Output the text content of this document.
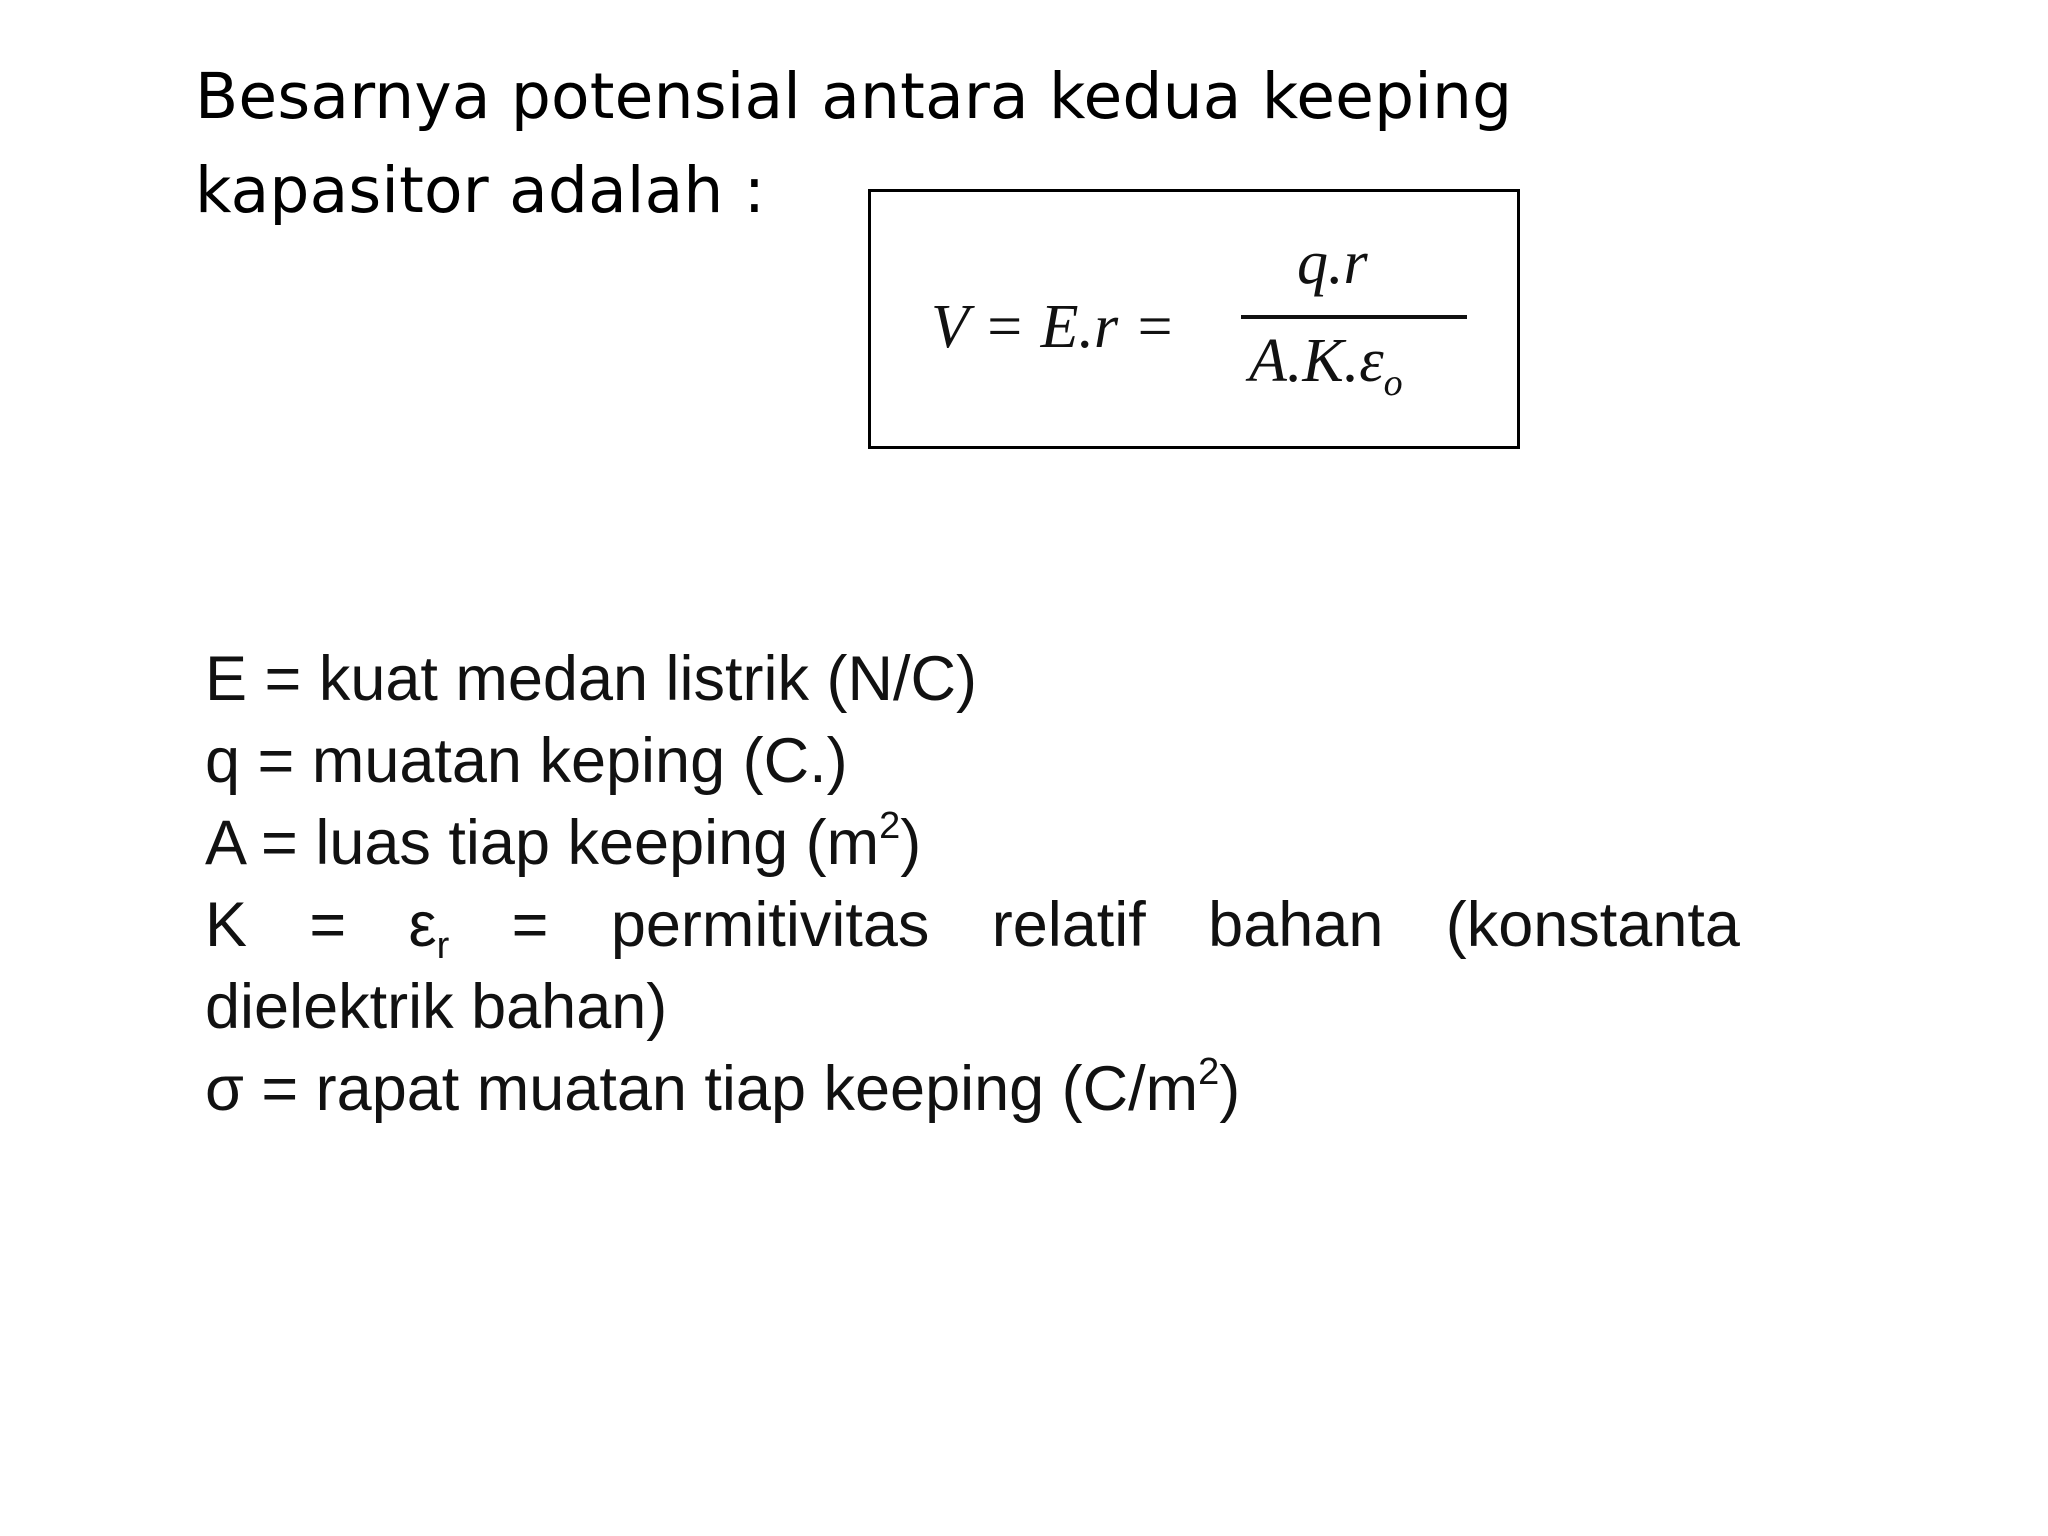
Besarnya potensial antara kedua keeping
kapasitor adalah :
V = E.r =
q.r
$A.K.\varepsilon_o$
E = kuat medan listrik (N/C)
q = muatan keping (C.)
A = luas tiap keeping $(m^2)$
$K = \varepsilon_r$ = permitivitas relatif bahan (konstanta
dielektrik bahan)
σ = rapat muatan tiap keeping $(C/m^2)$
